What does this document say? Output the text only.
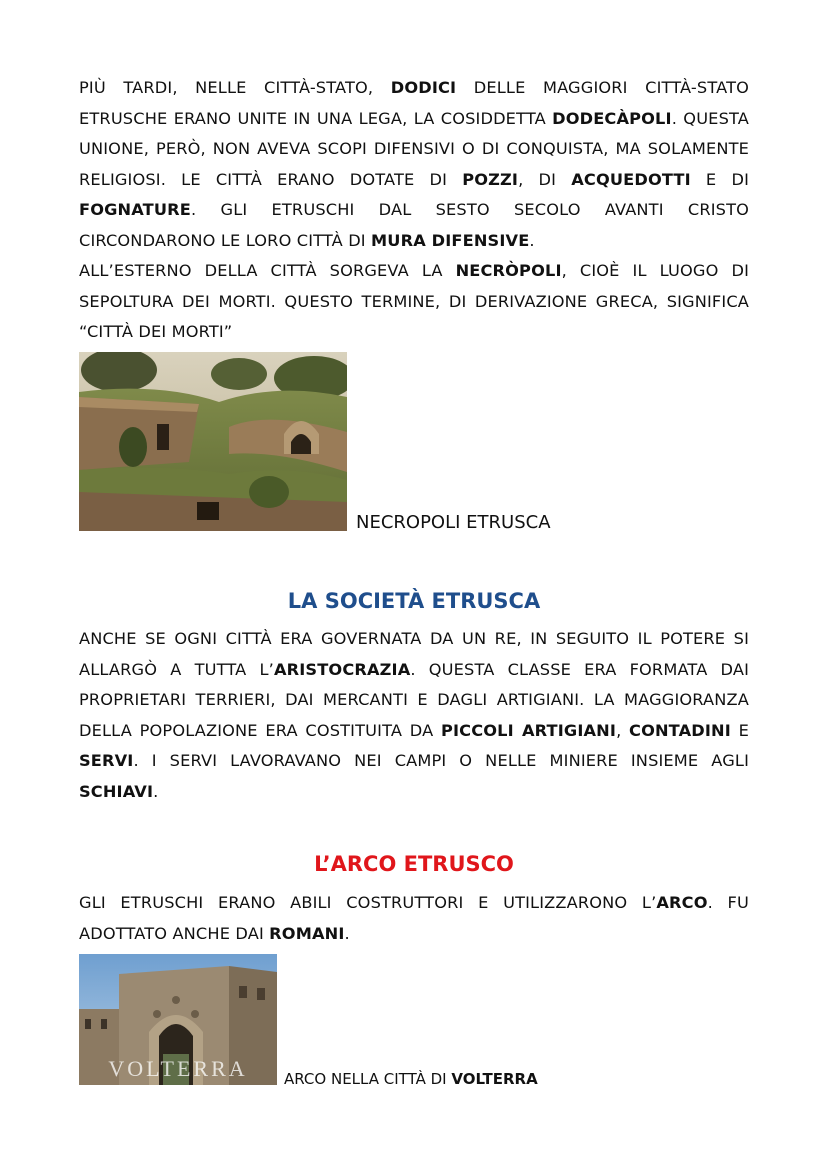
PIÙ TARDI, NELLE CITTÀ-STATO, DODICI DELLE MAGGIORI CITTÀ-STATO ETRUSCHE ERANO UNITE IN UNA LEGA, LA COSIDDETTA DODECÀPOLI. QUESTA UNIONE, PERÒ, NON AVEVA SCOPI DIFENSIVI O DI CONQUISTA, MA SOLAMENTE RELIGIOSI. LE CITTÀ ERANO DOTATE DI POZZI, DI ACQUEDOTTI E DI FOGNATURE. GLI ETRUSCHI DAL SESTO SECOLO AVANTI CRISTO CIRCONDARONO LE LORO CITTÀ DI MURA DIFENSIVE.

ALL’ESTERNO DELLA CITTÀ SORGEVA LA NECRÒPOLI, CIOÈ IL LUOGO DI SEPOLTURA DEI MORTI. QUESTO TERMINE, DI DERIVAZIONE GRECA, SIGNIFICA “CITTÀ DEI MORTI”

NECROPOLI ETRUSCA
LA SOCIETÀ ETRUSCA

ANCHE SE OGNI CITTÀ ERA GOVERNATA DA UN RE, IN SEGUITO IL POTERE SI ALLARGÒ A TUTTA L’ARISTOCRAZIA. QUESTA CLASSE ERA FORMATA DAI PROPRIETARI TERRIERI, DAI MERCANTI E DAGLI ARTIGIANI. LA MAGGIORANZA DELLA POPOLAZIONE ERA COSTITUITA DA PICCOLI ARTIGIANI, CONTADINI E SERVI. I SERVI LAVORAVANO NEI CAMPI O NELLE MINIERE INSIEME AGLI SCHIAVI.

L’ARCO ETRUSCO

GLI ETRUSCHI ERANO ABILI COSTRUTTORI E UTILIZZARONO L’ARCO. FU ADOTTATO ANCHE DAI ROMANI.

VOLTERRA ARCO NELLA CITTÀ DI VOLTERRA
